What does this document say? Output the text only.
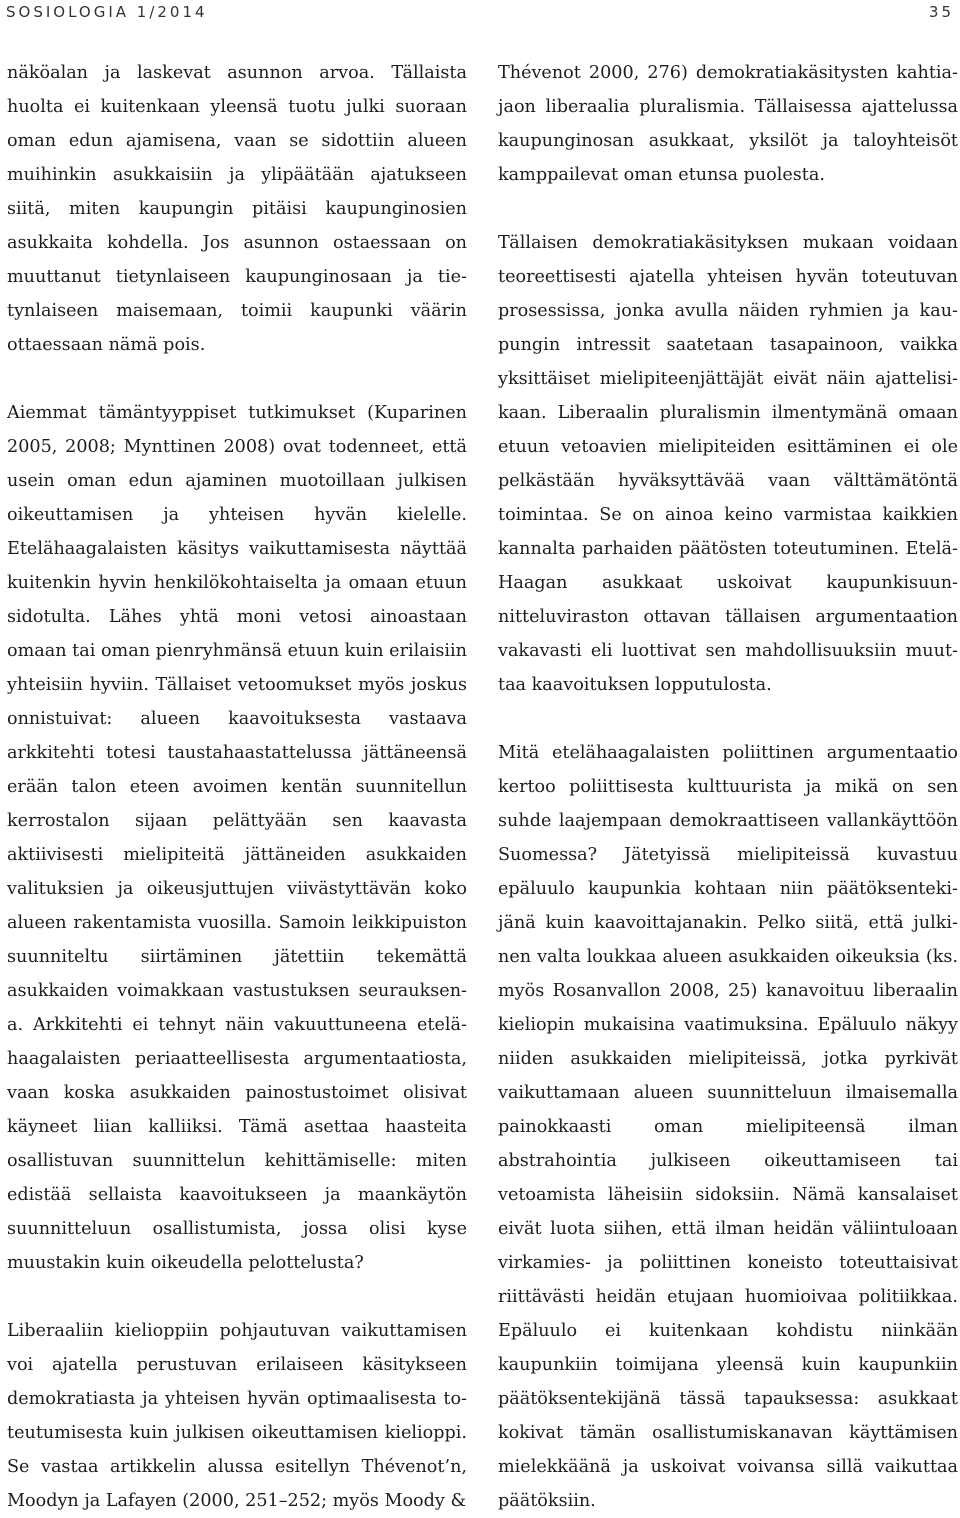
SOSIOLOGIA 1/2014	35

näköalan ja laskevat asunnon arvoa. Tällaista huolta ei kuitenkaan yleensä tuotu julki suoraan oman edun ajamisena, vaan se sidottiin alueen muihinkin asukkaisiin ja ylipäätään ajatukseen siitä, miten kaupungin pitäisi kaupunginosien asukkaita kohdella. Jos asunnon ostaessaan on muuttanut tietynlaiseen kaupunginosaan ja tietynlaiseen maisemaan, toimii kaupunki väärin ottaessaan nämä pois.

Aiemmat tämäntyyppiset tutkimukset (Kuparinen 2005, 2008; Mynttinen 2008) ovat todenneet, että usein oman edun ajaminen muotoillaan julkisen oikeuttamisen ja yhteisen hyvän kielelle. Etelähaagalaisten käsitys vaikuttamisesta näyttää kuitenkin hyvin henkilökohtaiselta ja omaan etuun sidotulta. Lähes yhtä moni vetosi ainoastaan omaan tai oman pienryhmänsä etuun kuin erilaisiin yhteisiin hyviin. Tällaiset vetoomukset myös joskus onnistuivat: alueen kaavoituksesta vastaava arkkitehti totesi taustahaastattelussa jättäneensä erään talon eteen avoimen kentän suunnitellun kerrostalon sijaan pelättyään sen kaavasta aktiivisesti mielipiteitä jättäneiden asukkaiden valituksien ja oikeusjuttujen viivästyttävän koko alueen rakentamista vuosilla. Samoin leikkipuiston suunniteltu siirtäminen jätettiin tekemättä asukkaiden voimakkaan vastustuksen seurauksena. Arkkitehti ei tehnyt näin vakuuttuneena etelähaagalaisten periaatteellisesta argumentaatiosta, vaan koska asukkaiden painostustoimet olisivat käyneet liian kalliiksi. Tämä asettaa haasteita osallistuvan suunnittelun kehittämiselle: miten edistää sellaista kaavoitukseen ja maankäytön suunnitteluun osallistumista, jossa olisi kyse muustakin kuin oikeudella pelottelusta?

Liberaaliin kielioppiin pohjautuvan vaikuttamisen voi ajatella perustuvan erilaiseen käsitykseen demokratiasta ja yhteisen hyvän optimaalisesta toteutumisesta kuin julkisen oikeuttamisen kielioppi. Se vastaa artikkelin alussa esitellyn Thévenot’n, Moodyn ja Lafayen (2000, 251–252; myös Moody &

Thévenot 2000, 276) demokratiakäsitysten kahtiajaon liberaalia pluralismia. Tällaisessa ajattelussa kaupunginosan asukkaat, yksilöt ja taloyhteisöt kamppailevat oman etunsa puolesta.

Tällaisen demokratiakäsityksen mukaan voidaan teoreettisesti ajatella yhteisen hyvän toteutuvan prosessissa, jonka avulla näiden ryhmien ja kaupungin intressit saatetaan tasapainoon, vaikka yksittäiset mielipiteenjättäjät eivät näin ajattelisikaan. Liberaalin pluralismin ilmentymänä omaan etuun vetoavien mielipiteiden esittäminen ei ole pelkästään hyväksyttävää vaan välttämätöntä toimintaa. Se on ainoa keino varmistaa kaikkien kannalta parhaiden päätösten toteutuminen. Etelä-Haagan asukkaat uskoivat kaupunkisuunnitteluviraston ottavan tällaisen argumentaation vakavasti eli luottivat sen mahdollisuuksiin muuttaa kaavoituksen lopputulosta.

Mitä etelähaagalaisten poliittinen argumentaatio kertoo poliittisesta kulttuurista ja mikä on sen suhde laajempaan demokraattiseen vallankäyttöön Suomessa? Jätetyissä mielipiteissä kuvastuu epäluulo kaupunkia kohtaan niin päätöksentekijänä kuin kaavoittajanakin. Pelko siitä, että julkinen valta loukkaa alueen asukkaiden oikeuksia (ks. myös Rosanvallon 2008, 25) kanavoituu liberaalin kieliopin mukaisina vaatimuksina. Epäluulo näkyy niiden asukkaiden mielipiteissä, jotka pyrkivät vaikuttamaan alueen suunnitteluun ilmaisemalla painokkaasti oman mielipiteensä ilman abstrahointia julkiseen oikeuttamiseen tai vetoamista läheisiin sidoksiin. Nämä kansalaiset eivät luota siihen, että ilman heidän väliintuloaan virkamies- ja poliittinen koneisto toteuttaisivat riittävästi heidän etujaan huomioivaa politiikkaa. Epäluulo ei kuitenkaan kohdistu niinkään kaupunkiin toimijana yleensä kuin kaupunkiin päätöksentekijänä tässä tapauksessa: asukkaat kokivat tämän osallistumiskanavan käyttämisen mielekkäänä ja uskoivat voivansa sillä vaikuttaa päätöksiin.
